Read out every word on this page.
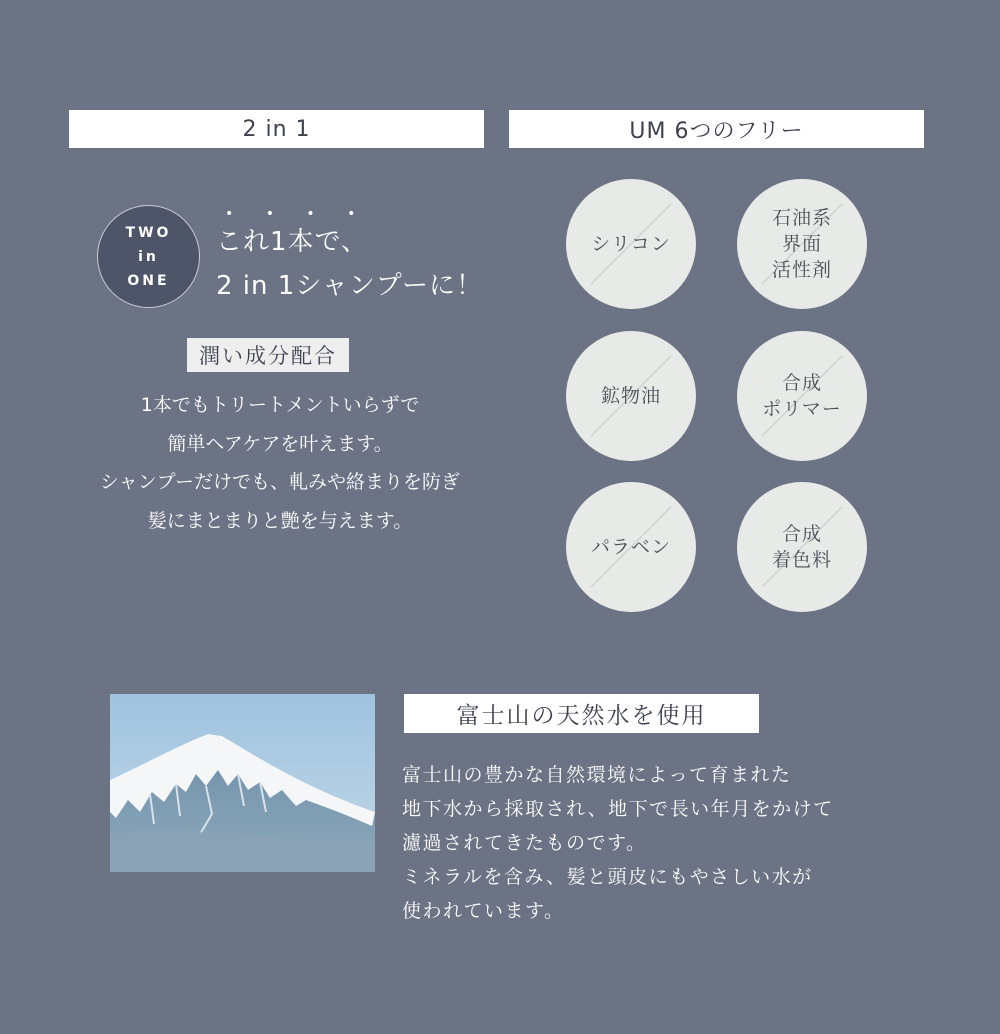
2 in 1	UM 6つのフリー
TWO
in
ONE
• • • •
これ1本で、
2 in 1シャンプーに！
潤い成分配合
1本でもトリートメントいらずで
簡単ヘアケアを叶えます。
シャンプーだけでも、軋みや絡まりを防ぎ
髪にまとまりと艶を与えます。
シリコン
石油系
界面
活性剤
鉱物油
合成
ポリマー
パラベン
合成
着色料
富士山の天然水を使用
富士山の豊かな自然環境によって育まれた
地下水から採取され、地下で長い年月をかけて
濾過されてきたものです。
ミネラルを含み、髪と頭皮にもやさしい水が
使われています。
